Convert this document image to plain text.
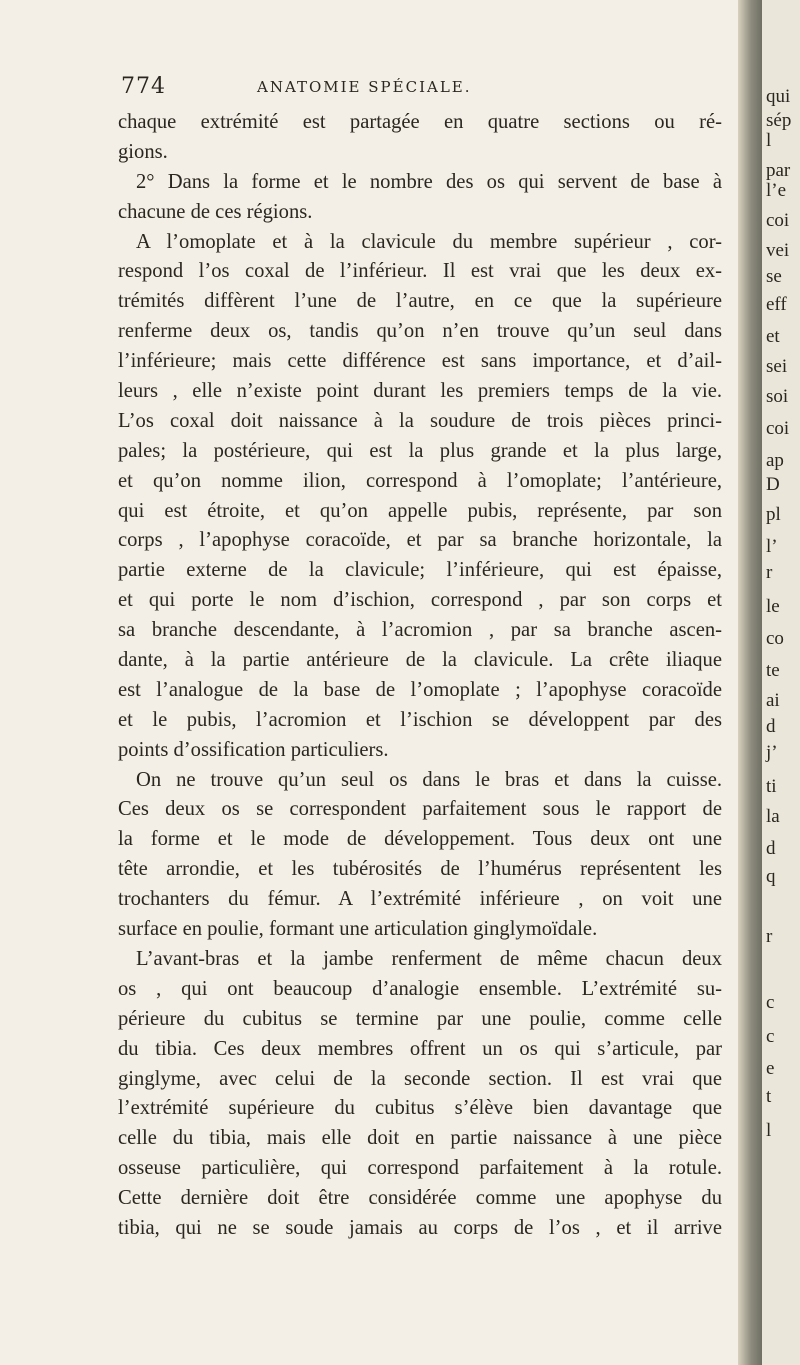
774	ANATOMIE SPÉCIALE.
chaque extrémité est partagée en quatre sections ou ré-
gions.
2° Dans la forme et le nombre des os qui servent de base à
chacune de ces régions.
A l’omoplate et à la clavicule du membre supérieur , cor-
respond l’os coxal de l’inférieur. Il est vrai que les deux ex-
trémités diffèrent l’une de l’autre, en ce que la supérieure
renferme deux os, tandis qu’on n’en trouve qu’un seul dans
l’inférieure; mais cette différence est sans importance, et d’ail-
leurs , elle n’existe point durant les premiers temps de la vie.
L’os coxal doit naissance à la soudure de trois pièces princi-
pales; la postérieure, qui est la plus grande et la plus large,
et qu’on nomme ilion, correspond à l’omoplate; l’antérieure,
qui est étroite, et qu’on appelle pubis, représente, par son
corps , l’apophyse coracoïde, et par sa branche horizontale, la
partie externe de la clavicule; l’inférieure, qui est épaisse,
et qui porte le nom d’ischion, correspond , par son corps et
sa branche descendante, à l’acromion , par sa branche ascen-
dante, à la partie antérieure de la clavicule. La crête iliaque
est l’analogue de la base de l’omoplate ; l’apophyse coracoïde
et le pubis, l’acromion et l’ischion se développent par des
points d’ossification particuliers.
On ne trouve qu’un seul os dans le bras et dans la cuisse.
Ces deux os se correspondent parfaitement sous le rapport de
la forme et le mode de développement. Tous deux ont une
tête arrondie, et les tubérosités de l’humérus représentent les
trochanters du fémur. A l’extrémité inférieure , on voit une
surface en poulie, formant une articulation ginglymoïdale.
L’avant-bras et la jambe renferment de même chacun deux
os , qui ont beaucoup d’analogie ensemble. L’extrémité su-
périeure du cubitus se termine par une poulie, comme celle
du tibia. Ces deux membres offrent un os qui s’articule, par
ginglyme, avec celui de la seconde section. Il est vrai que
l’extrémité supérieure du cubitus s’élève bien davantage que
celle du tibia, mais elle doit en partie naissance à une pièce
osseuse particulière, qui correspond parfaitement à la rotule.
Cette dernière doit être considérée comme une apophyse du
tibia, qui ne se soude jamais au corps de l’os , et il arrive
qui
sép
l
par
l’e
coi
vei
se
eff
et
sei
soi
coi
ap
D
pl
l’
r
le
co
te
ai
d
j’
ti
la
d
q
r
c
c
e
t
l
